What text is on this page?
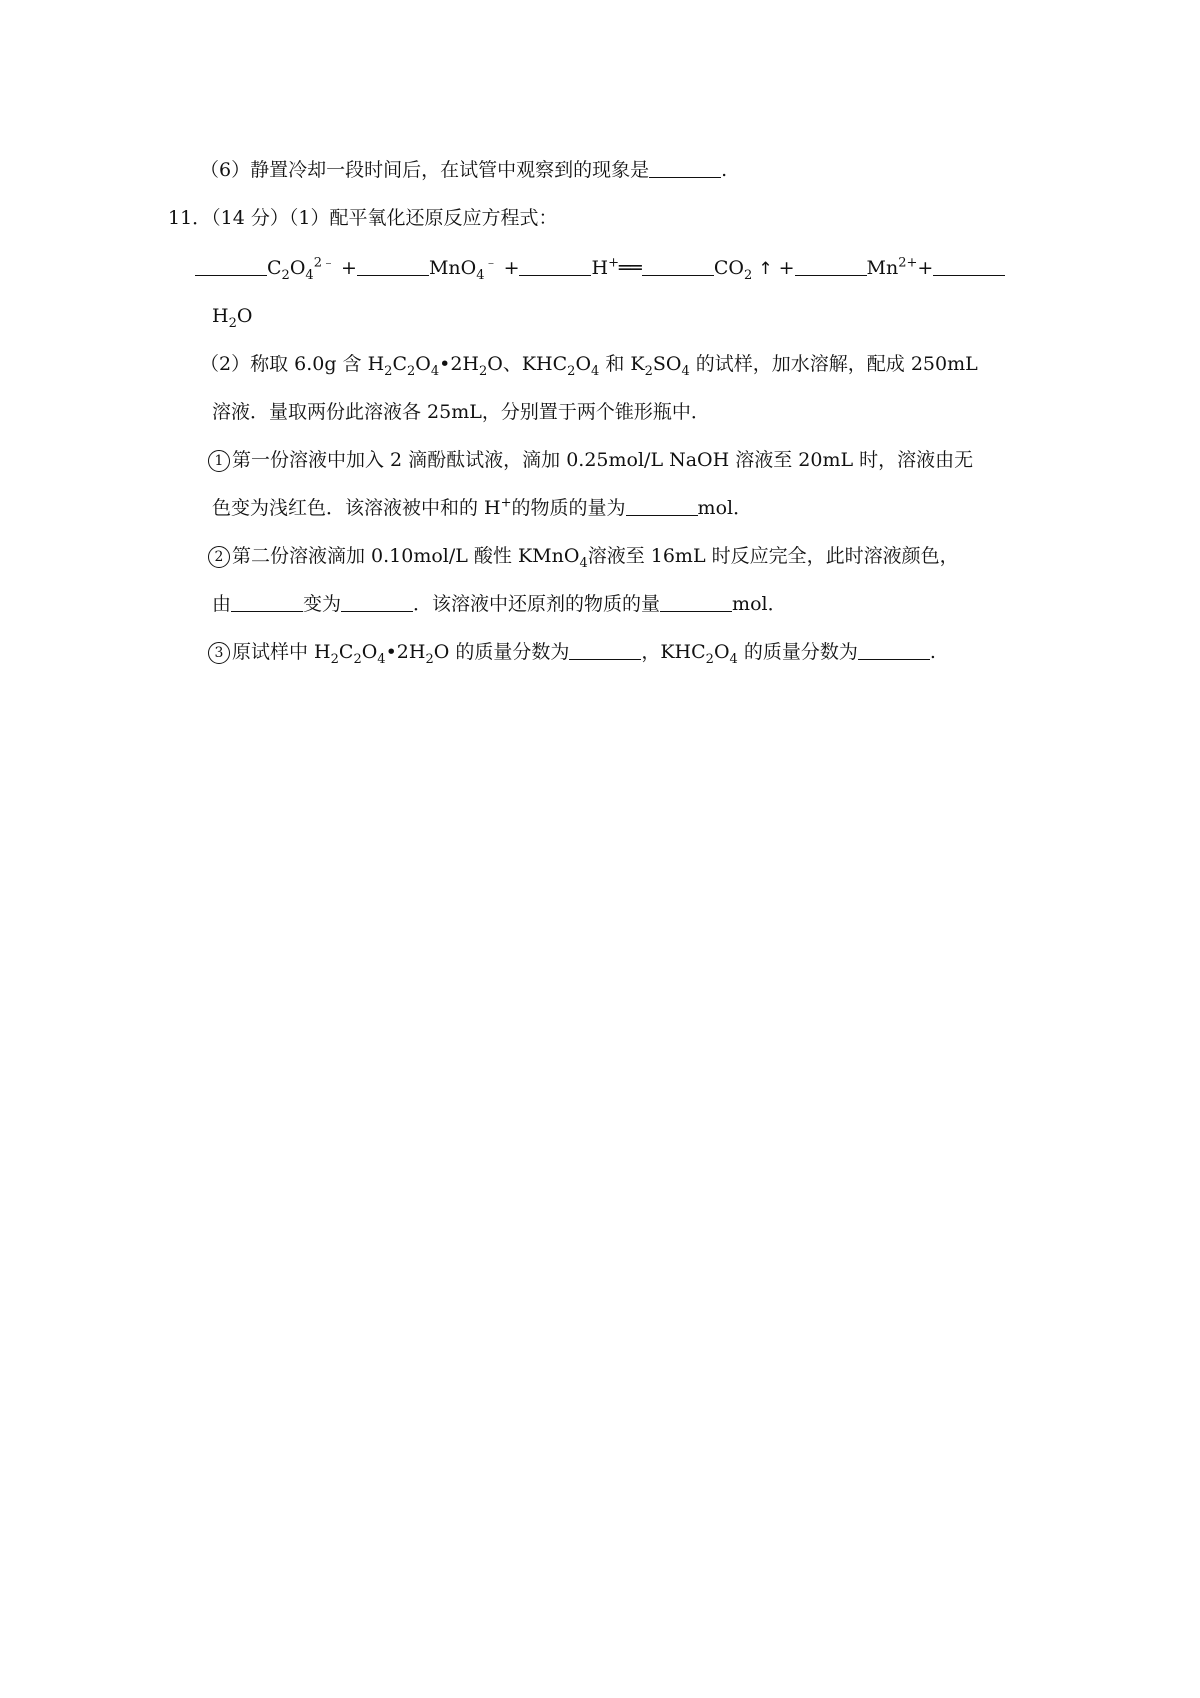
（6）静置冷却一段时间后，在试管中观察到的现象是	.
11．（14 分）（1）配平氧化还原反应方程式：
$C_2O_4^{2﹣}$ +	MnO$_4$﹣ +	H+══	$CO_2$ ↑ +	$Mn^{2+}+$
$H_2O$
（2）称取 6.0g 含 $H_2C_2O_4•2H_2O$、$KHC_2O_4$ 和 $K_2SO_4$ 的试样，加水溶解，配成 250mL
溶液．量取两份此溶液各 25mL，分别置于两个锥形瓶中．
1 第一份溶液中加入 2 滴酚酞试液，滴加 0.25mol/L NaOH 溶液至 20mL 时，溶液由无
色变为浅红色．该溶液被中和的 H+的物质的量为	mol．
2 第二份溶液滴加 0.10mol/L 酸性 KMnO$_4$溶液至 16mL 时反应完全，此时溶液颜色，
由	变为	．该溶液中还原剂的物质的量	mol．
3 原试样中 $H_2C_2O_4•2H_2O$ 的质量分数为	，$KHC_2O_4$ 的质量分数为	.
